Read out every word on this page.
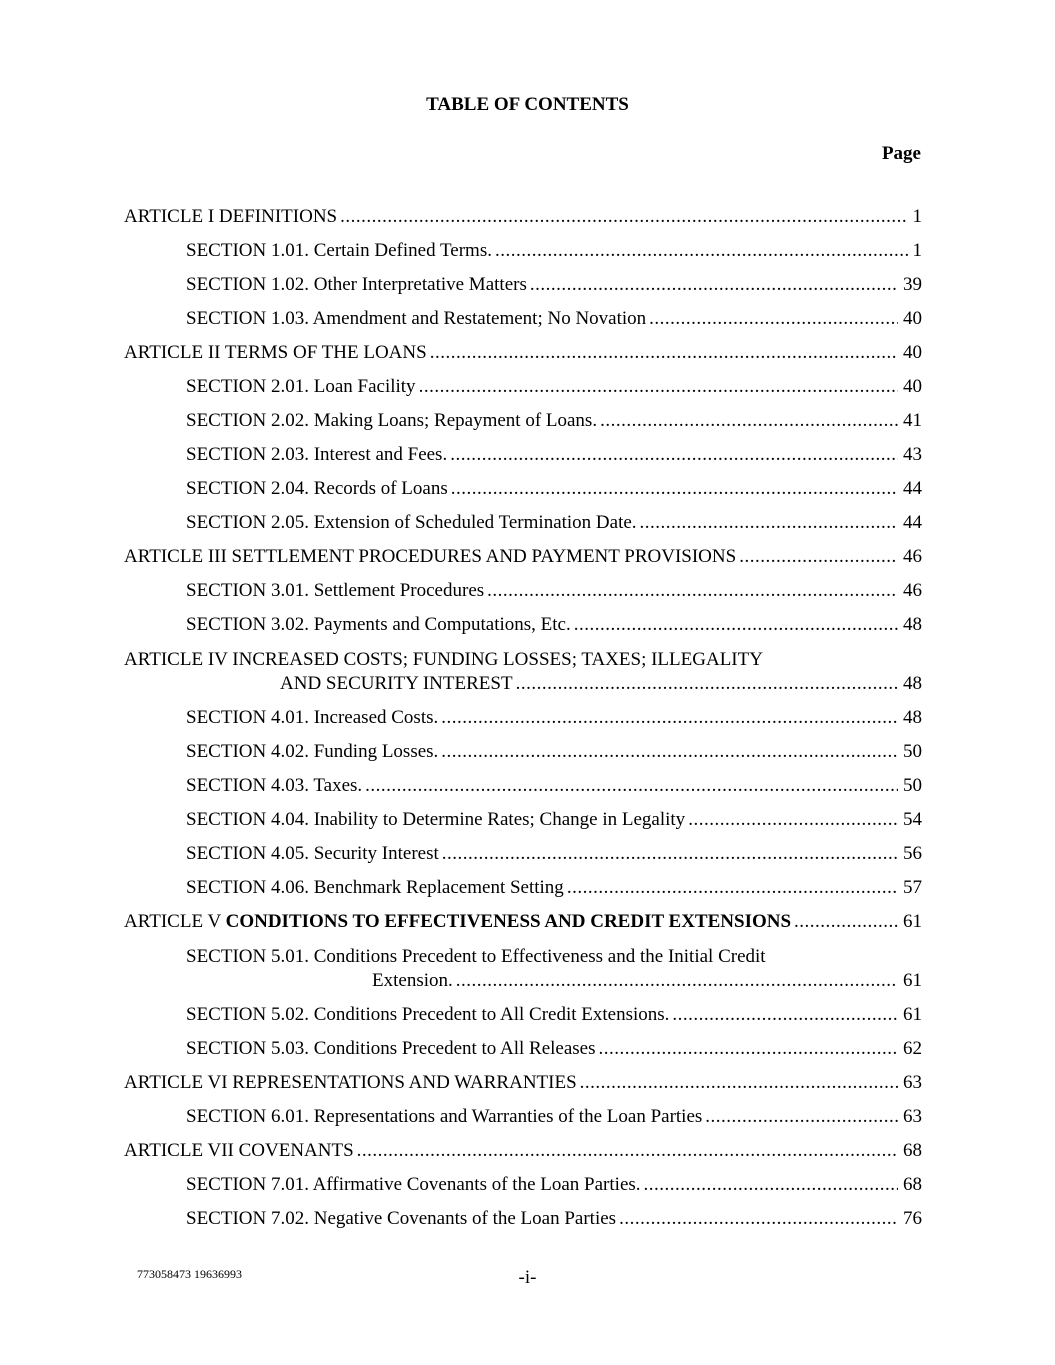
TABLE OF CONTENTS
Page
ARTICLE I DEFINITIONS .....	1
SECTION 1.01. Certain Defined Terms. .....	1
SECTION 1.02. Other Interpretative Matters .....	39
SECTION 1.03. Amendment and Restatement; No Novation .....	40
ARTICLE II TERMS OF THE LOANS .....	40
SECTION 2.01. Loan Facility .....	40
SECTION 2.02. Making Loans; Repayment of Loans. .....	41
SECTION 2.03. Interest and Fees. .....	43
SECTION 2.04. Records of Loans .....	44
SECTION 2.05. Extension of Scheduled Termination Date. .....	44
ARTICLE III SETTLEMENT PROCEDURES AND PAYMENT PROVISIONS .....	46
SECTION 3.01. Settlement Procedures .....	46
SECTION 3.02. Payments and Computations, Etc. .....	48
ARTICLE IV INCREASED COSTS; FUNDING LOSSES; TAXES; ILLEGALITY
AND SECURITY INTEREST .....	48
SECTION 4.01. Increased Costs. .....	48
SECTION 4.02. Funding Losses. .....	50
SECTION 4.03. Taxes. .....	50
SECTION 4.04. Inability to Determine Rates; Change in Legality .....	54
SECTION 4.05. Security Interest .....	56
SECTION 4.06. Benchmark Replacement Setting .....	57
ARTICLE V CONDITIONS TO EFFECTIVENESS AND CREDIT EXTENSIONS .....	61
SECTION 5.01. Conditions Precedent to Effectiveness and the Initial Credit
Extension. .....	61
SECTION 5.02. Conditions Precedent to All Credit Extensions. .....	61
SECTION 5.03. Conditions Precedent to All Releases .....	62
ARTICLE VI REPRESENTATIONS AND WARRANTIES .....	63
SECTION 6.01. Representations and Warranties of the Loan Parties .....	63
ARTICLE VII COVENANTS .....	68
SECTION 7.01. Affirmative Covenants of the Loan Parties. .....	68
SECTION 7.02. Negative Covenants of the Loan Parties .....	76
773058473 19636993	-i-
